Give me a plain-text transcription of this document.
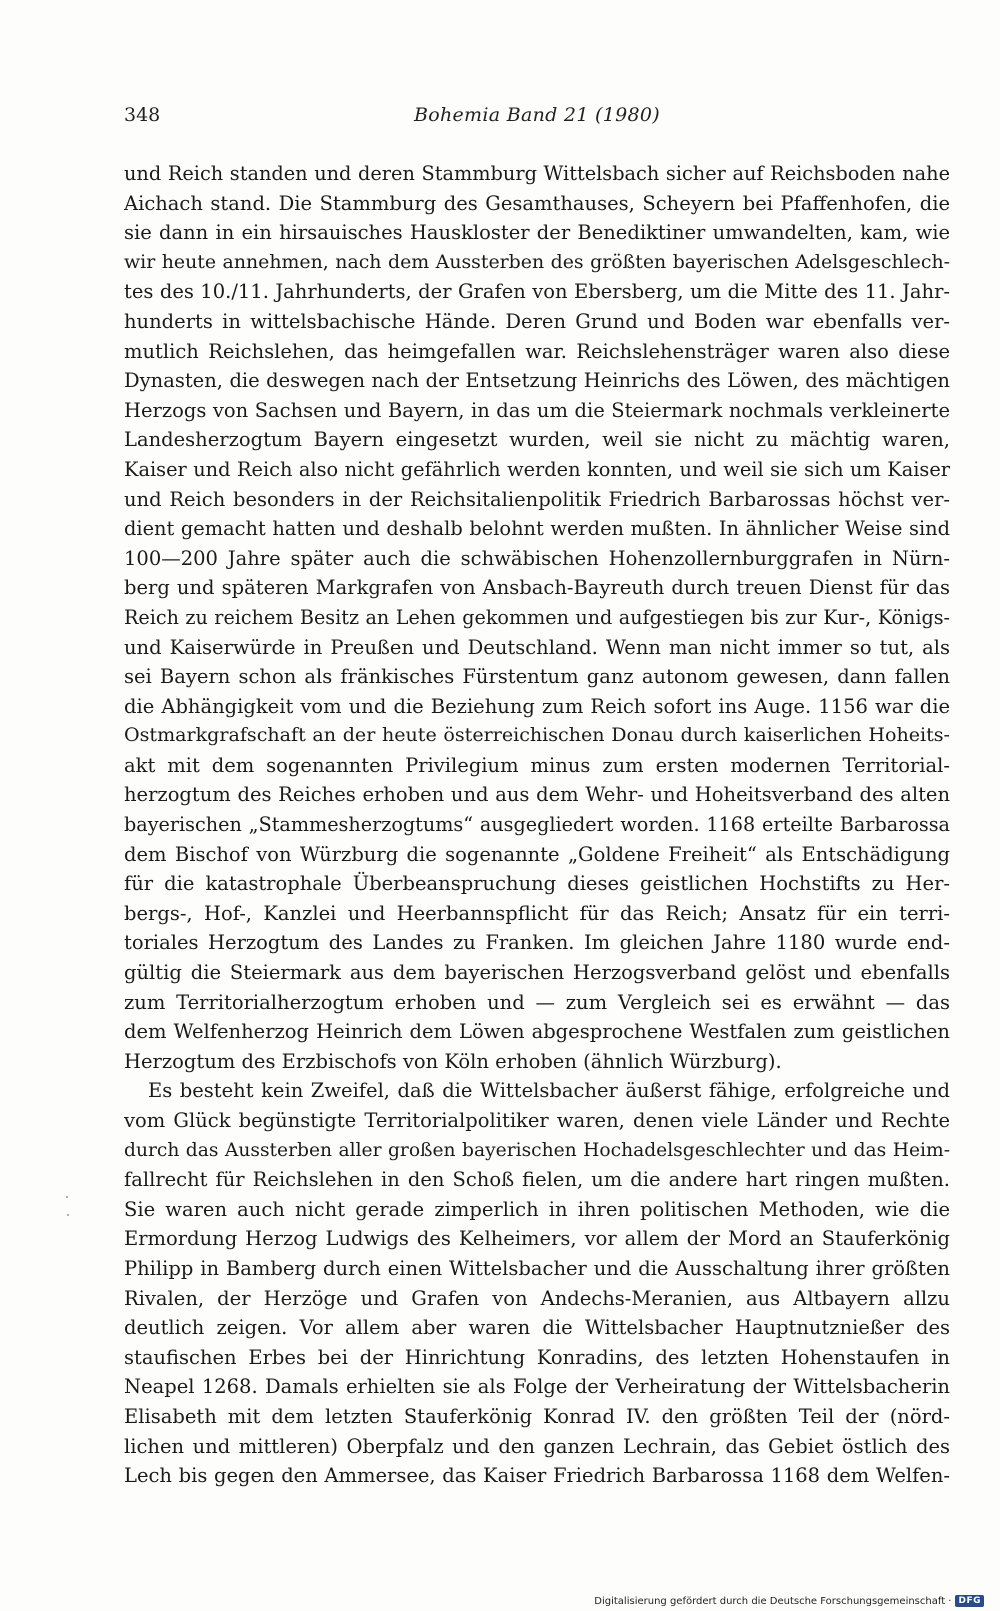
348	Bohemia Band 21 (1980)
und Reich standen und deren Stammburg Wittelsbach sicher auf Reichsboden nahe
Aichach stand. Die Stammburg des Gesamthauses, Scheyern bei Pfaffenhofen, die
sie dann in ein hirsauisches Hauskloster der Benediktiner umwandelten, kam, wie
wir heute annehmen, nach dem Aussterben des größten bayerischen Adelsgeschlech-
tes des 10./11. Jahrhunderts, der Grafen von Ebersberg, um die Mitte des 11. Jahr-
hunderts in wittelsbachische Hände. Deren Grund und Boden war ebenfalls ver-
mutlich Reichslehen, das heimgefallen war. Reichslehensträger waren also diese
Dynasten, die deswegen nach der Entsetzung Heinrichs des Löwen, des mächtigen
Herzogs von Sachsen und Bayern, in das um die Steiermark nochmals verkleinerte
Landesherzogtum Bayern eingesetzt wurden, weil sie nicht zu mächtig waren,
Kaiser und Reich also nicht gefährlich werden konnten, und weil sie sich um Kaiser
und Reich besonders in der Reichsitalienpolitik Friedrich Barbarossas höchst ver-
dient gemacht hatten und deshalb belohnt werden mußten. In ähnlicher Weise sind
100—200 Jahre später auch die schwäbischen Hohenzollernburggrafen in Nürn-
berg und späteren Markgrafen von Ansbach-Bayreuth durch treuen Dienst für das
Reich zu reichem Besitz an Lehen gekommen und aufgestiegen bis zur Kur-, Königs-
und Kaiserwürde in Preußen und Deutschland. Wenn man nicht immer so tut, als
sei Bayern schon als fränkisches Fürstentum ganz autonom gewesen, dann fallen
die Abhängigkeit vom und die Beziehung zum Reich sofort ins Auge. 1156 war die
Ostmarkgrafschaft an der heute österreichischen Donau durch kaiserlichen Hoheits-
akt mit dem sogenannten Privilegium minus zum ersten modernen Territorial-
herzogtum des Reiches erhoben und aus dem Wehr- und Hoheitsverband des alten
bayerischen „Stammesherzogtums“ ausgegliedert worden. 1168 erteilte Barbarossa
dem Bischof von Würzburg die sogenannte „Goldene Freiheit“ als Entschädigung
für die katastrophale Überbeanspruchung dieses geistlichen Hochstifts zu Her-
bergs-, Hof-, Kanzlei und Heerbannspflicht für das Reich; Ansatz für ein terri-
toriales Herzogtum des Landes zu Franken. Im gleichen Jahre 1180 wurde end-
gültig die Steiermark aus dem bayerischen Herzogsverband gelöst und ebenfalls
zum Territorialherzogtum erhoben und — zum Vergleich sei es erwähnt — das
dem Welfenherzog Heinrich dem Löwen abgesprochene Westfalen zum geistlichen
Herzogtum des Erzbischofs von Köln erhoben (ähnlich Würzburg).
Es besteht kein Zweifel, daß die Wittelsbacher äußerst fähige, erfolgreiche und
vom Glück begünstigte Territorialpolitiker waren, denen viele Länder und Rechte
durch das Aussterben aller großen bayerischen Hochadelsgeschlechter und das Heim-
fallrecht für Reichslehen in den Schoß fielen, um die andere hart ringen mußten.
Sie waren auch nicht gerade zimperlich in ihren politischen Methoden, wie die
Ermordung Herzog Ludwigs des Kelheimers, vor allem der Mord an Stauferkönig
Philipp in Bamberg durch einen Wittelsbacher und die Ausschaltung ihrer größten
Rivalen, der Herzöge und Grafen von Andechs-Meranien, aus Altbayern allzu
deutlich zeigen. Vor allem aber waren die Wittelsbacher Hauptnutznießer des
staufischen Erbes bei der Hinrichtung Konradins, des letzten Hohenstaufen in
Neapel 1268. Damals erhielten sie als Folge der Verheiratung der Wittelsbacherin
Elisabeth mit dem letzten Stauferkönig Konrad IV. den größten Teil der (nörd-
lichen und mittleren) Oberpfalz und den ganzen Lechrain, das Gebiet östlich des
Lech bis gegen den Ammersee, das Kaiser Friedrich Barbarossa 1168 dem Welfen-
Digitalisierung gefördert durch die Deutsche Forschungsgemeinschaft · DFG
